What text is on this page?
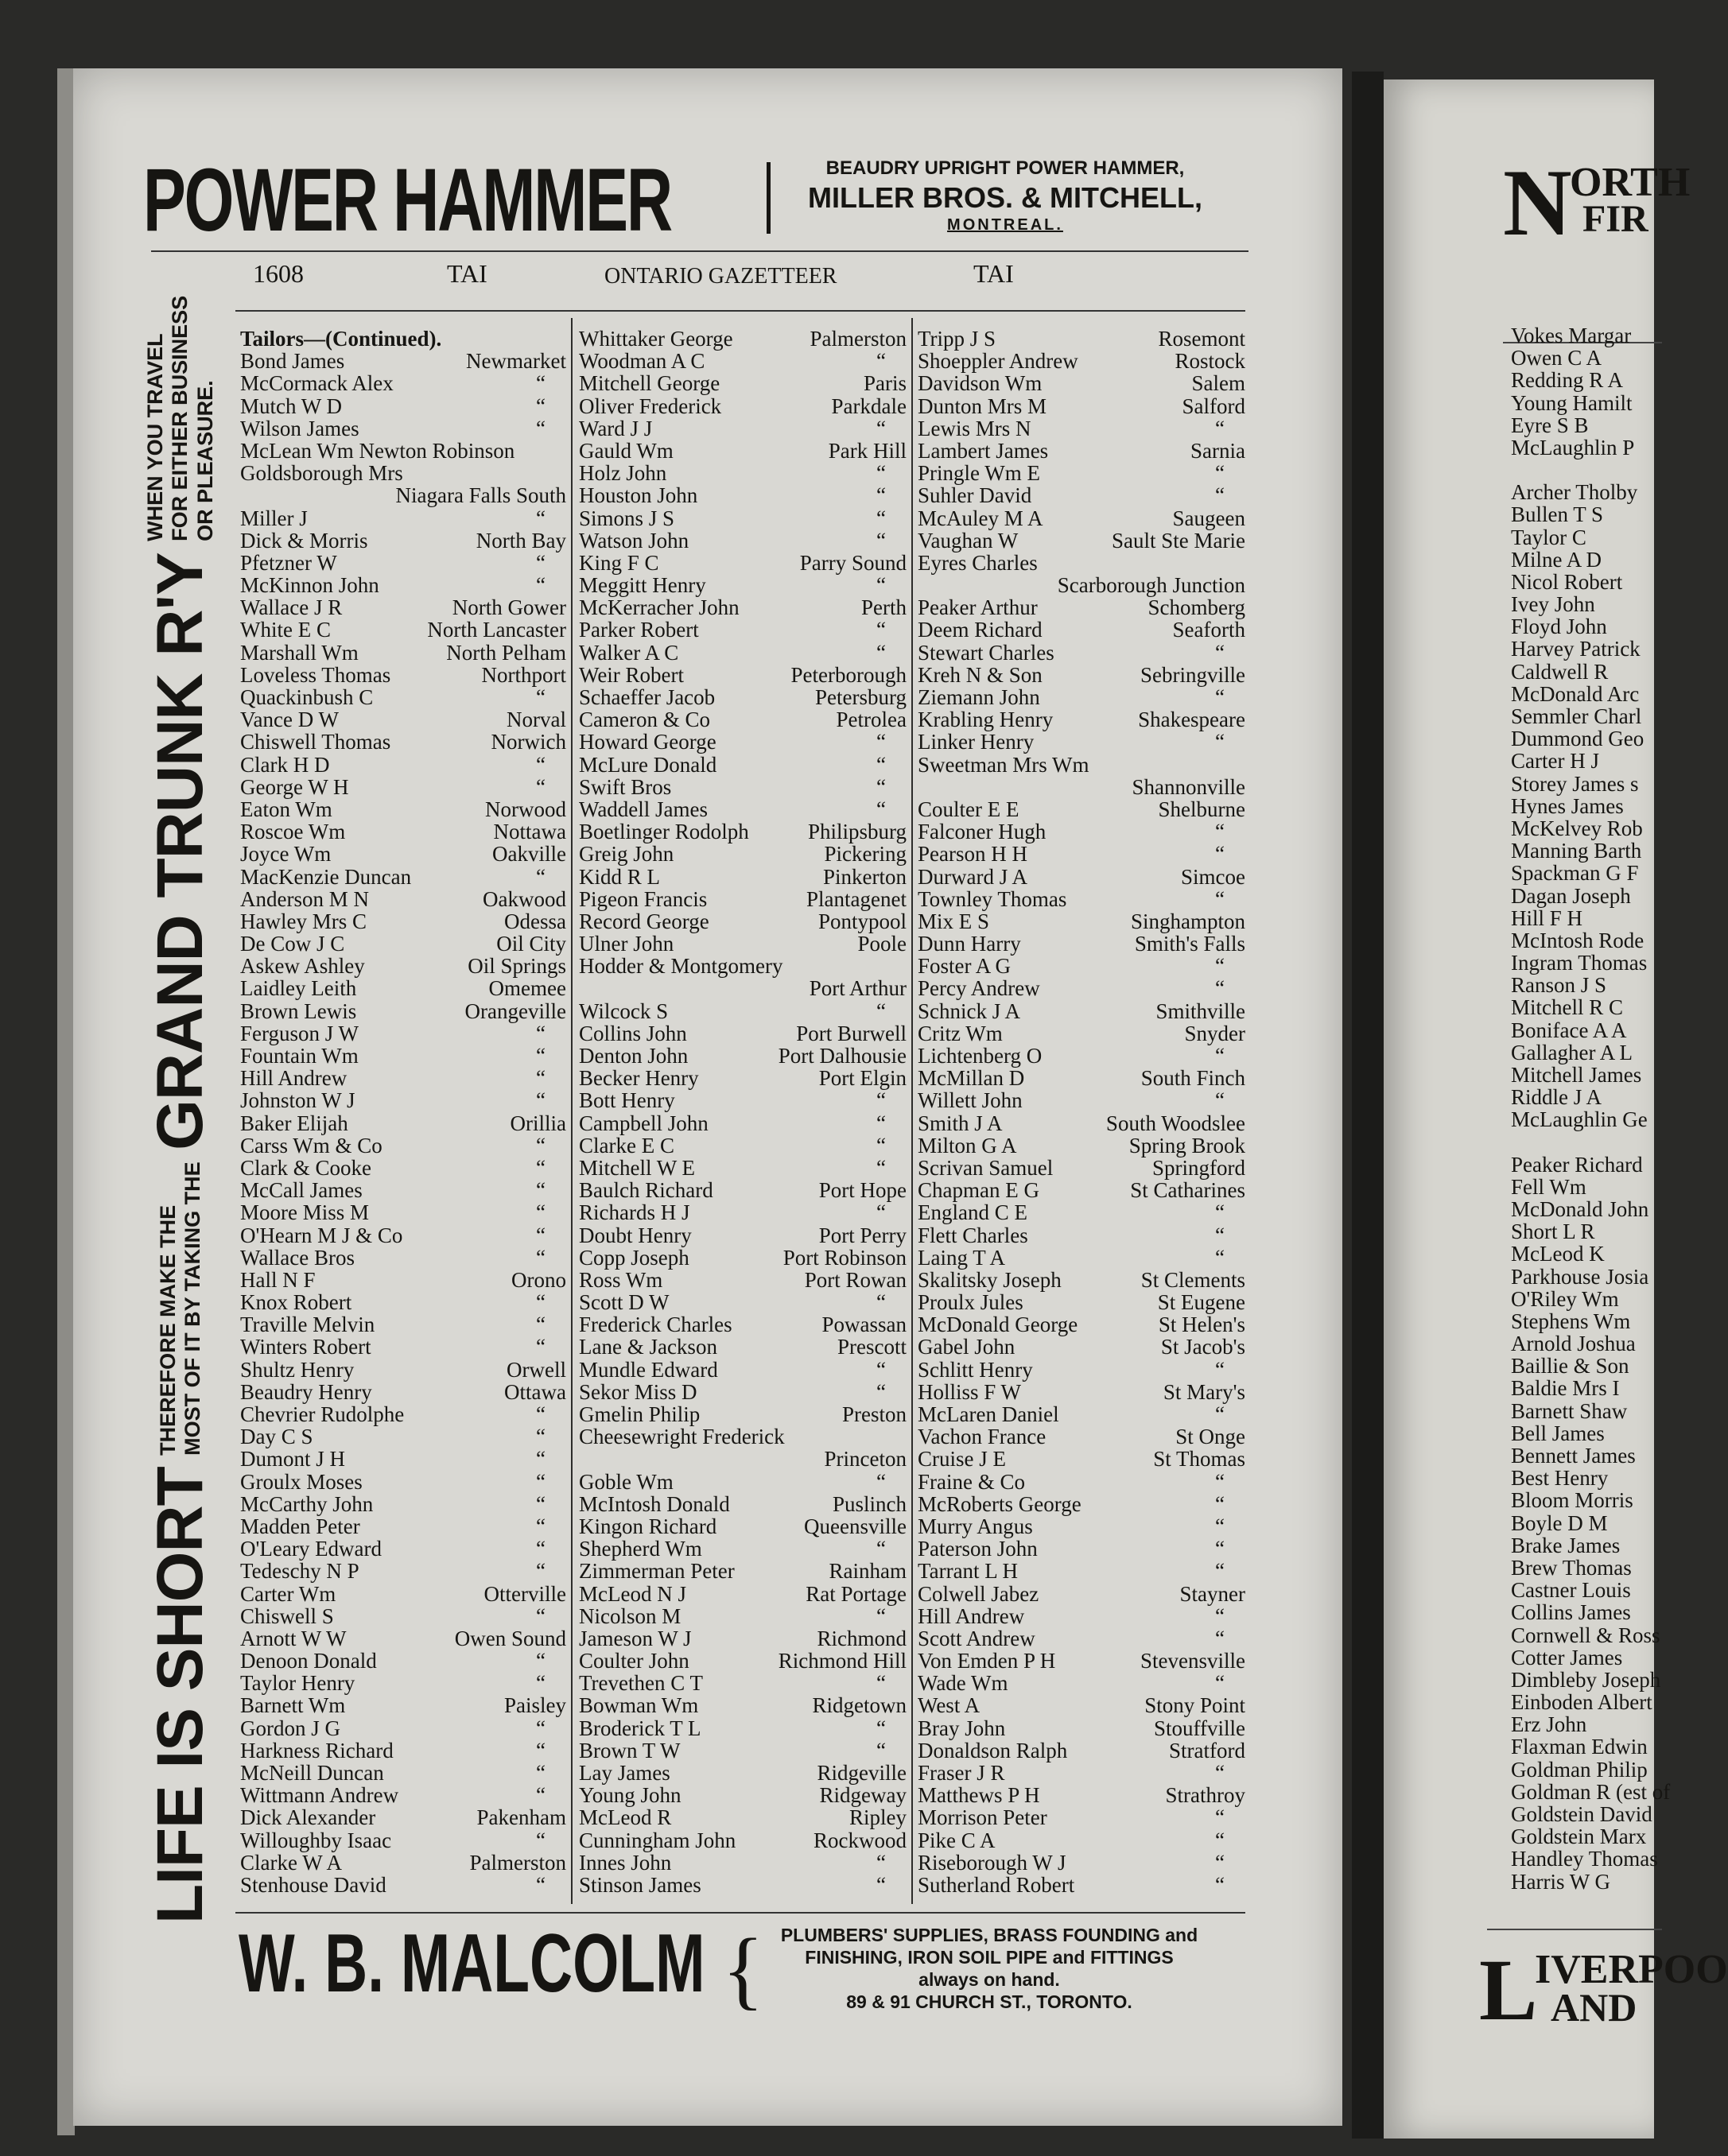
POWER HAMMER	BEAUDRY UPRIGHT POWER HAMMER,
MILLER BROS. & MITCHELL,
MONTREAL.
1608	TAI	ONTARIO GAZETTEER	TAI
LIFE IS SHORT THEREFORE MAKE THE
MOST OF IT BY TAKING THE GRAND TRUNK R'Y WHEN YOU TRAVEL
FOR EITHER BUSINESS
OR PLEASURE.
Tailors—(Continued).
Bond James	Newmarket
McCormack Alex	“
Mutch W D	“
Wilson James	“
McLean Wm Newton Robinson
Goldsborough Mrs
Niagara Falls South
Miller J	“
Dick & Morris	North Bay
Pfetzner W	“
McKinnon John	“
Wallace J R	North Gower
White E C	North Lancaster
Marshall Wm	North Pelham
Loveless Thomas	Northport
Quackinbush C	“
Vance D W	Norval
Chiswell Thomas	Norwich
Clark H D	“
George W H	“
Eaton Wm	Norwood
Roscoe Wm	Nottawa
Joyce Wm	Oakville
MacKenzie Duncan	“
Anderson M N	Oakwood
Hawley Mrs C	Odessa
De Cow J C	Oil City
Askew Ashley	Oil Springs
Laidley Leith	Omemee
Brown Lewis	Orangeville
Ferguson J W	“
Fountain Wm	“
Hill Andrew	“
Johnston W J	“
Baker Elijah	Orillia
Carss Wm & Co	“
Clark & Cooke	“
McCall James	“
Moore Miss M	“
O'Hearn M J & Co	“
Wallace Bros	“
Hall N F	Orono
Knox Robert	“
Traville Melvin	“
Winters Robert	“
Shultz Henry	Orwell
Beaudry Henry	Ottawa
Chevrier Rudolphe	“
Day C S	“
Dumont J H	“
Groulx Moses	“
McCarthy John	“
Madden Peter	“
O'Leary Edward	“
Tedeschy N P	“
Carter Wm	Otterville
Chiswell S	“
Arnott W W	Owen Sound
Denoon Donald	“
Taylor Henry	“
Barnett Wm	Paisley
Gordon J G	“
Harkness Richard	“
McNeill Duncan	“
Wittmann Andrew	“
Dick Alexander	Pakenham
Willoughby Isaac	“
Clarke W A	Palmerston
Stenhouse David	“
Whittaker George	Palmerston
Woodman A C	“
Mitchell George	Paris
Oliver Frederick	Parkdale
Ward J J	“
Gauld Wm	Park Hill
Holz John	“
Houston John	“
Simons J S	“
Watson John	“
King F C	Parry Sound
Meggitt Henry	“
McKerracher John	Perth
Parker Robert	“
Walker A C	“
Weir Robert	Peterborough
Schaeffer Jacob	Petersburg
Cameron & Co	Petrolea
Howard George	“
McLure Donald	“
Swift Bros	“
Waddell James	“
Boetlinger Rodolph	Philipsburg
Greig John	Pickering
Kidd R L	Pinkerton
Pigeon Francis	Plantagenet
Record George	Pontypool
Ulner John	Poole
Hodder & Montgomery
Port Arthur
Wilcock S	“
Collins John	Port Burwell
Denton John	Port Dalhousie
Becker Henry	Port Elgin
Bott Henry	“
Campbell John	“
Clarke E C	“
Mitchell W E	“
Baulch Richard	Port Hope
Richards H J	“
Doubt Henry	Port Perry
Copp Joseph	Port Robinson
Ross Wm	Port Rowan
Scott D W	“
Frederick Charles	Powassan
Lane & Jackson	Prescott
Mundle Edward	“
Sekor Miss D	“
Gmelin Philip	Preston
Cheesewright Frederick
Princeton
Goble Wm	“
McIntosh Donald	Puslinch
Kingon Richard	Queensville
Shepherd Wm	“
Zimmerman Peter	Rainham
McLeod N J	Rat Portage
Nicolson M	“
Jameson W J	Richmond
Coulter John	Richmond Hill
Trevethen C T	“
Bowman Wm	Ridgetown
Broderick T L	“
Brown T W	“
Lay James	Ridgeville
Young John	Ridgeway
McLeod R	Ripley
Cunningham John	Rockwood
Innes John	“
Stinson James	“
Tripp J S	Rosemont
Shoeppler Andrew	Rostock
Davidson Wm	Salem
Dunton Mrs M	Salford
Lewis Mrs N	“
Lambert James	Sarnia
Pringle Wm E	“
Suhler David	“
McAuley M A	Saugeen
Vaughan W	Sault Ste Marie
Eyres Charles
Scarborough Junction
Peaker Arthur	Schomberg
Deem Richard	Seaforth
Stewart Charles	“
Kreh N & Son	Sebringville
Ziemann John	“
Krabling Henry	Shakespeare
Linker Henry	“
Sweetman Mrs Wm
Shannonville
Coulter E E	Shelburne
Falconer Hugh	“
Pearson H H	“
Durward J A	Simcoe
Townley Thomas	“
Mix E S	Singhampton
Dunn Harry	Smith's Falls
Foster A G	“
Percy Andrew	“
Schnick J A	Smithville
Critz Wm	Snyder
Lichtenberg O	“
McMillan D	South Finch
Willett John	“
Smith J A	South Woodslee
Milton G A	Spring Brook
Scrivan Samuel	Springford
Chapman E G	St Catharines
England C E	“
Flett Charles	“
Laing T A	“
Skalitsky Joseph	St Clements
Proulx Jules	St Eugene
McDonald George	St Helen's
Gabel John	St Jacob's
Schlitt Henry	“
Holliss F W	St Mary's
McLaren Daniel	“
Vachon France	St Onge
Cruise J E	St Thomas
Fraine & Co	“
McRoberts George	“
Murry Angus	“
Paterson John	“
Tarrant L H	“
Colwell Jabez	Stayner
Hill Andrew	“
Scott Andrew	“
Von Emden P H	Stevensville
Wade Wm	“
West A	Stony Point
Bray John	Stouffville
Donaldson Ralph	Stratford
Fraser J R	“
Matthews P H	Strathroy
Morrison Peter	“
Pike C A	“
Riseborough W J	“
Sutherland Robert	“
W. B. MALCOLM { PLUMBERS' SUPPLIES, BRASS FOUNDING and
FINISHING, IRON SOIL PIPE and FITTINGS
always on hand.
89 & 91 CHURCH ST., TORONTO.
N
ORTH
FIR
Vokes Margar
Owen C A
Redding R A
Young Hamilt
Eyre S B
McLaughlin P
Archer Tholby
Bullen T S
Taylor C
Milne A D
Nicol Robert
Ivey John
Floyd John
Harvey Patrick
Caldwell R
McDonald Arc
Semmler Charl
Dummond Geo
Carter H J
Storey James s
Hynes James
McKelvey Rob
Manning Barth
Spackman G F
Dagan Joseph
Hill F H
McIntosh Rode
Ingram Thomas
Ranson J S
Mitchell R C
Boniface A A
Gallagher A L
Mitchell James
Riddle J A
McLaughlin Ge
Peaker Richard
Fell Wm
McDonald John
Short L R
McLeod K
Parkhouse Josia
O'Riley Wm
Stephens Wm
Arnold Joshua
Baillie & Son
Baldie Mrs I
Barnett Shaw
Bell James
Bennett James
Best Henry
Bloom Morris
Boyle D M
Brake James
Brew Thomas
Castner Louis
Collins James
Cornwell & Ross
Cotter James
Dimbleby Joseph
Einboden Albert
Erz John
Flaxman Edwin
Goldman Philip
Goldman R (est of
Goldstein David
Goldstein Marx
Handley Thomas
Harris W G
L
IVERPOO
AND
